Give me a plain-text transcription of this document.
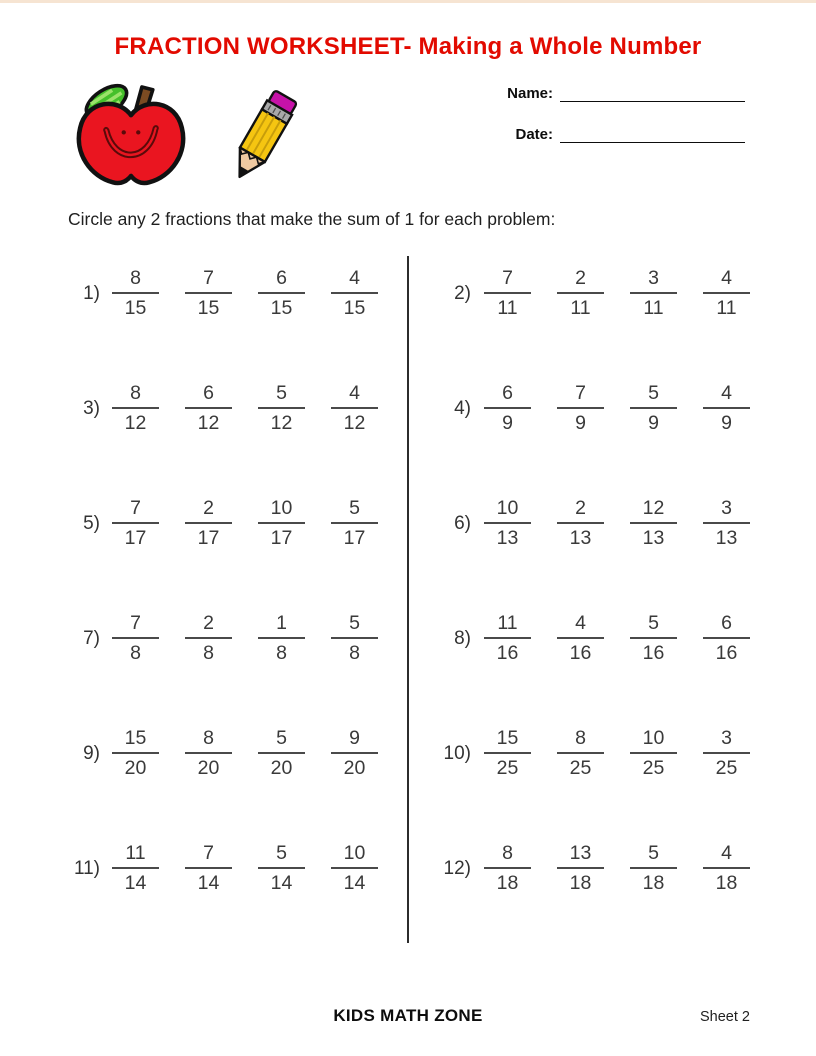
FRACTION WORKSHEET- Making a Whole Number
Name:
Date:
Circle any 2 fractions that make the sum of 1 for each problem:
$1) \frac{8}{15} \frac{7}{15} \frac{6}{15} \frac{4}{15}$
$3) \frac{8}{12} \frac{6}{12} \frac{5}{12} \frac{4}{12}$
$5) \frac{7}{17} \frac{2}{17} \frac{10}{17} \frac{5}{17}$
$7) \frac{7}{8} \frac{2}{8} \frac{1}{8} \frac{5}{8}$
$9) \frac{15}{20} \frac{8}{20} \frac{5}{20} \frac{9}{20}$
$11) \frac{11}{14} \frac{7}{14} \frac{5}{14} \frac{10}{14}$
$2) \frac{7}{11} \frac{2}{11} \frac{3}{11} \frac{4}{11}$
$4) \frac{6}{9} \frac{7}{9} \frac{5}{9} \frac{4}{9}$
$6) \frac{10}{13} \frac{2}{13} \frac{12}{13} \frac{3}{13}$
$8) \frac{11}{16} \frac{4}{16} \frac{5}{16} \frac{6}{16}$
$10) \frac{15}{25} \frac{8}{25} \frac{10}{25} \frac{3}{25}$
$12) \frac{8}{18} \frac{13}{18} \frac{5}{18} \frac{4}{18}$
KIDS MATH ZONE	Sheet 2
